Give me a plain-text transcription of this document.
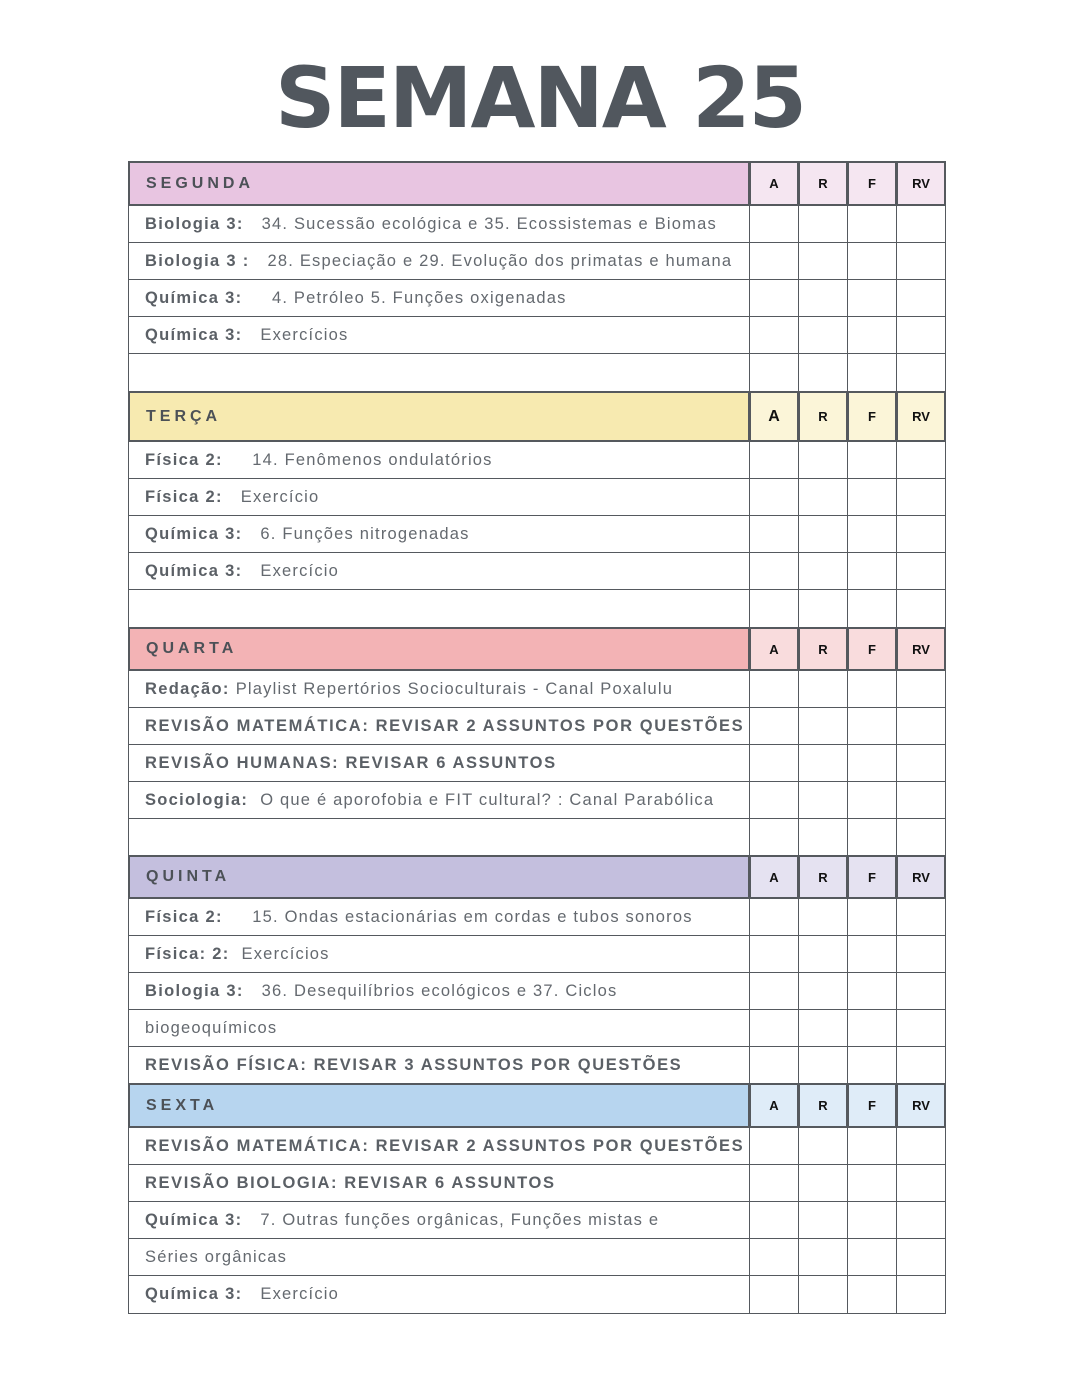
SEMANA 25
SEGUNDA	A	R	F	RV
Biologia 3: 34. Sucessão ecológica e 35. Ecossistemas e Biomas
Biologia 3 : 28. Especiação e 29. Evolução dos primatas e humana
Química 3: 4. Petróleo 5. Funções oxigenadas
Química 3: Exercícios
TERÇA	A	R	F	RV
Física 2: 14. Fenômenos ondulatórios
Física 2: Exercício
Química 3: 6. Funções nitrogenadas
Química 3: Exercício
QUARTA	A	R	F	RV
Redação: Playlist Repertórios Socioculturais - Canal Poxalulu
REVISÃO MATEMÁTICA: REVISAR 2 ASSUNTOS POR QUESTÕES
REVISÃO HUMANAS: REVISAR 6 ASSUNTOS
Sociologia: O que é aporofobia e FIT cultural? : Canal Parabólica
QUINTA	A	R	F	RV
Física 2: 15. Ondas estacionárias em cordas e tubos sonoros
Física: 2: Exercícios
Biologia 3: 36. Desequilíbrios ecológicos e 37. Ciclos
biogeoquímicos
REVISÃO FÍSICA: REVISAR 3 ASSUNTOS POR QUESTÕES
SEXTA	A	R	F	RV
REVISÃO MATEMÁTICA: REVISAR 2 ASSUNTOS POR QUESTÕES
REVISÃO BIOLOGIA: REVISAR 6 ASSUNTOS
Química 3: 7. Outras funções orgânicas, Funções mistas e
Séries orgânicas
Química 3: Exercício
